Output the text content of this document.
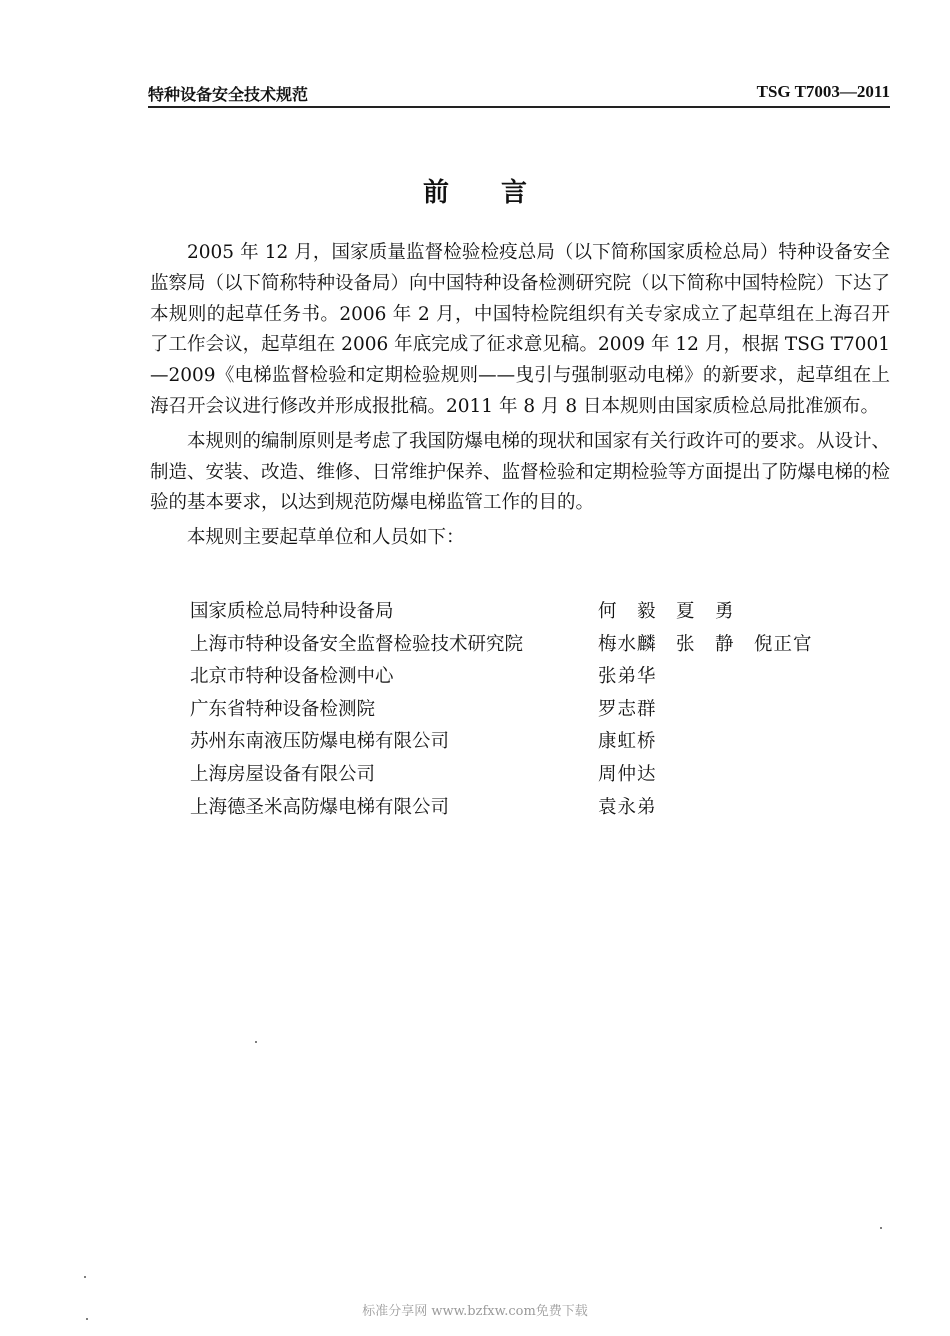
特种设备安全技术规范	TSG T7003—2011
前言

2005 年 12 月，国家质量监督检验检疫总局（以下简称国家质检总局）特种设备安全监察局（以下简称特种设备局）向中国特种设备检测研究院（以下简称中国特检院）下达了本规则的起草任务书。2006 年 2 月，中国特检院组织有关专家成立了起草组在上海召开了工作会议，起草组在 2006 年底完成了征求意见稿。2009 年 12 月，根据 TSG T7001—2009《电梯监督检验和定期检验规则——曳引与强制驱动电梯》的新要求，起草组在上海召开会议进行修改并形成报批稿。2011 年 8 月 8 日本规则由国家质检总局批准颁布。

本规则的编制原则是考虑了我国防爆电梯的现状和国家有关行政许可的要求。从设计、制造、安装、改造、维修、日常维护保养、监督检验和定期检验等方面提出了防爆电梯的检验的基本要求，以达到规范防爆电梯监管工作的目的。

本规则主要起草单位和人员如下：

国家质检总局特种设备局	何　毅　夏　勇
上海市特种设备安全监督检验技术研究院	梅水麟　张　静　倪正官
北京市特种设备检测中心	张弟华
广东省特种设备检测院	罗志群
苏州东南液压防爆电梯有限公司	康虹桥
上海房屋设备有限公司	周仲达
上海德圣米高防爆电梯有限公司	袁永弟
标准分享网 www.bzfxw.com免费下载
